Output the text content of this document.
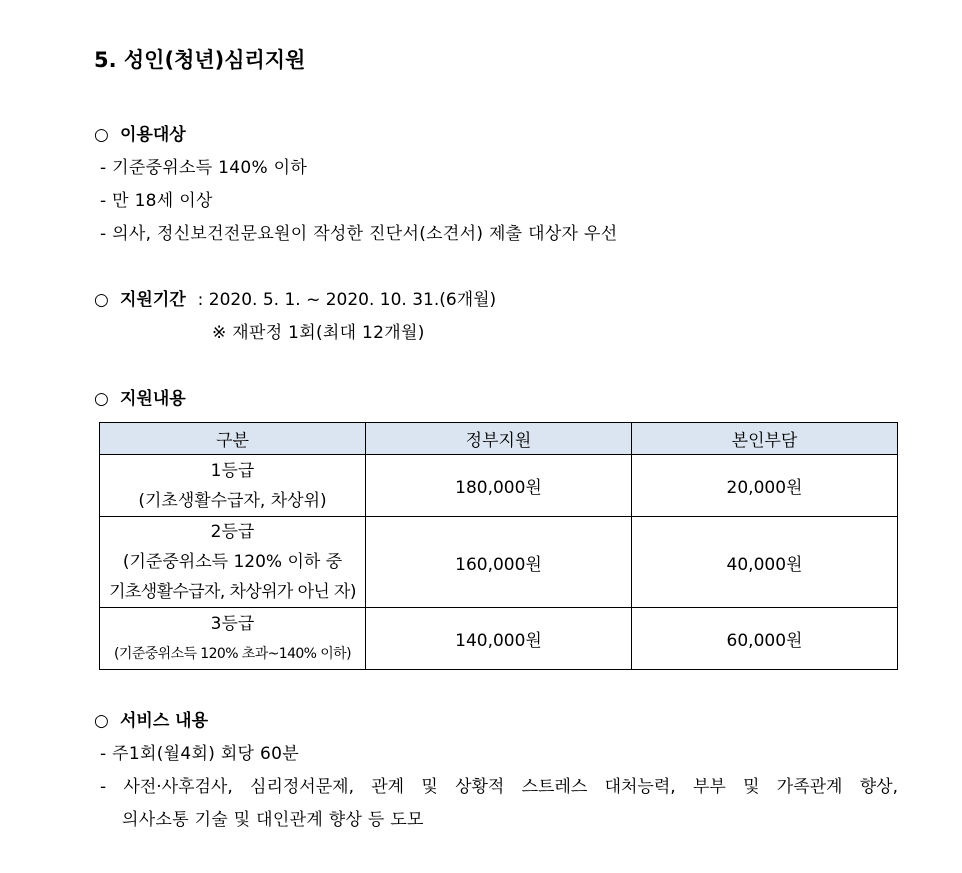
5. 성인(청년)심리지원
○ 이용대상
- 기준중위소득 140% 이하
- 만 18세 이상
- 의사, 정신보건전문요원이 작성한 진단서(소견서) 제출 대상자 우선
○ 지원기간 : 2020. 5. 1. ~ 2020. 10. 31.(6개월)
※ 재판정 1회(최대 12개월)
○ 지원내용
구분	정부지원	본인부담

1등급
(기초생활수급자, 차상위)	180,000원	20,000원

2등급
(기준중위소득 120% 이하 중
기초생활수급자, 차상위가 아닌 자)	160,000원	40,000원

3등급
(기준중위소득 120% 초과~140% 이하)	140,000원	60,000원
○ 서비스 내용
- 주1회(월4회) 회당 60분
- 사전·사후검사, 심리정서문제, 관계 및 상황적 스트레스 대처능력, 부부 및 가족관계 향상,
의사소통 기술 및 대인관계 향상 등 도모
